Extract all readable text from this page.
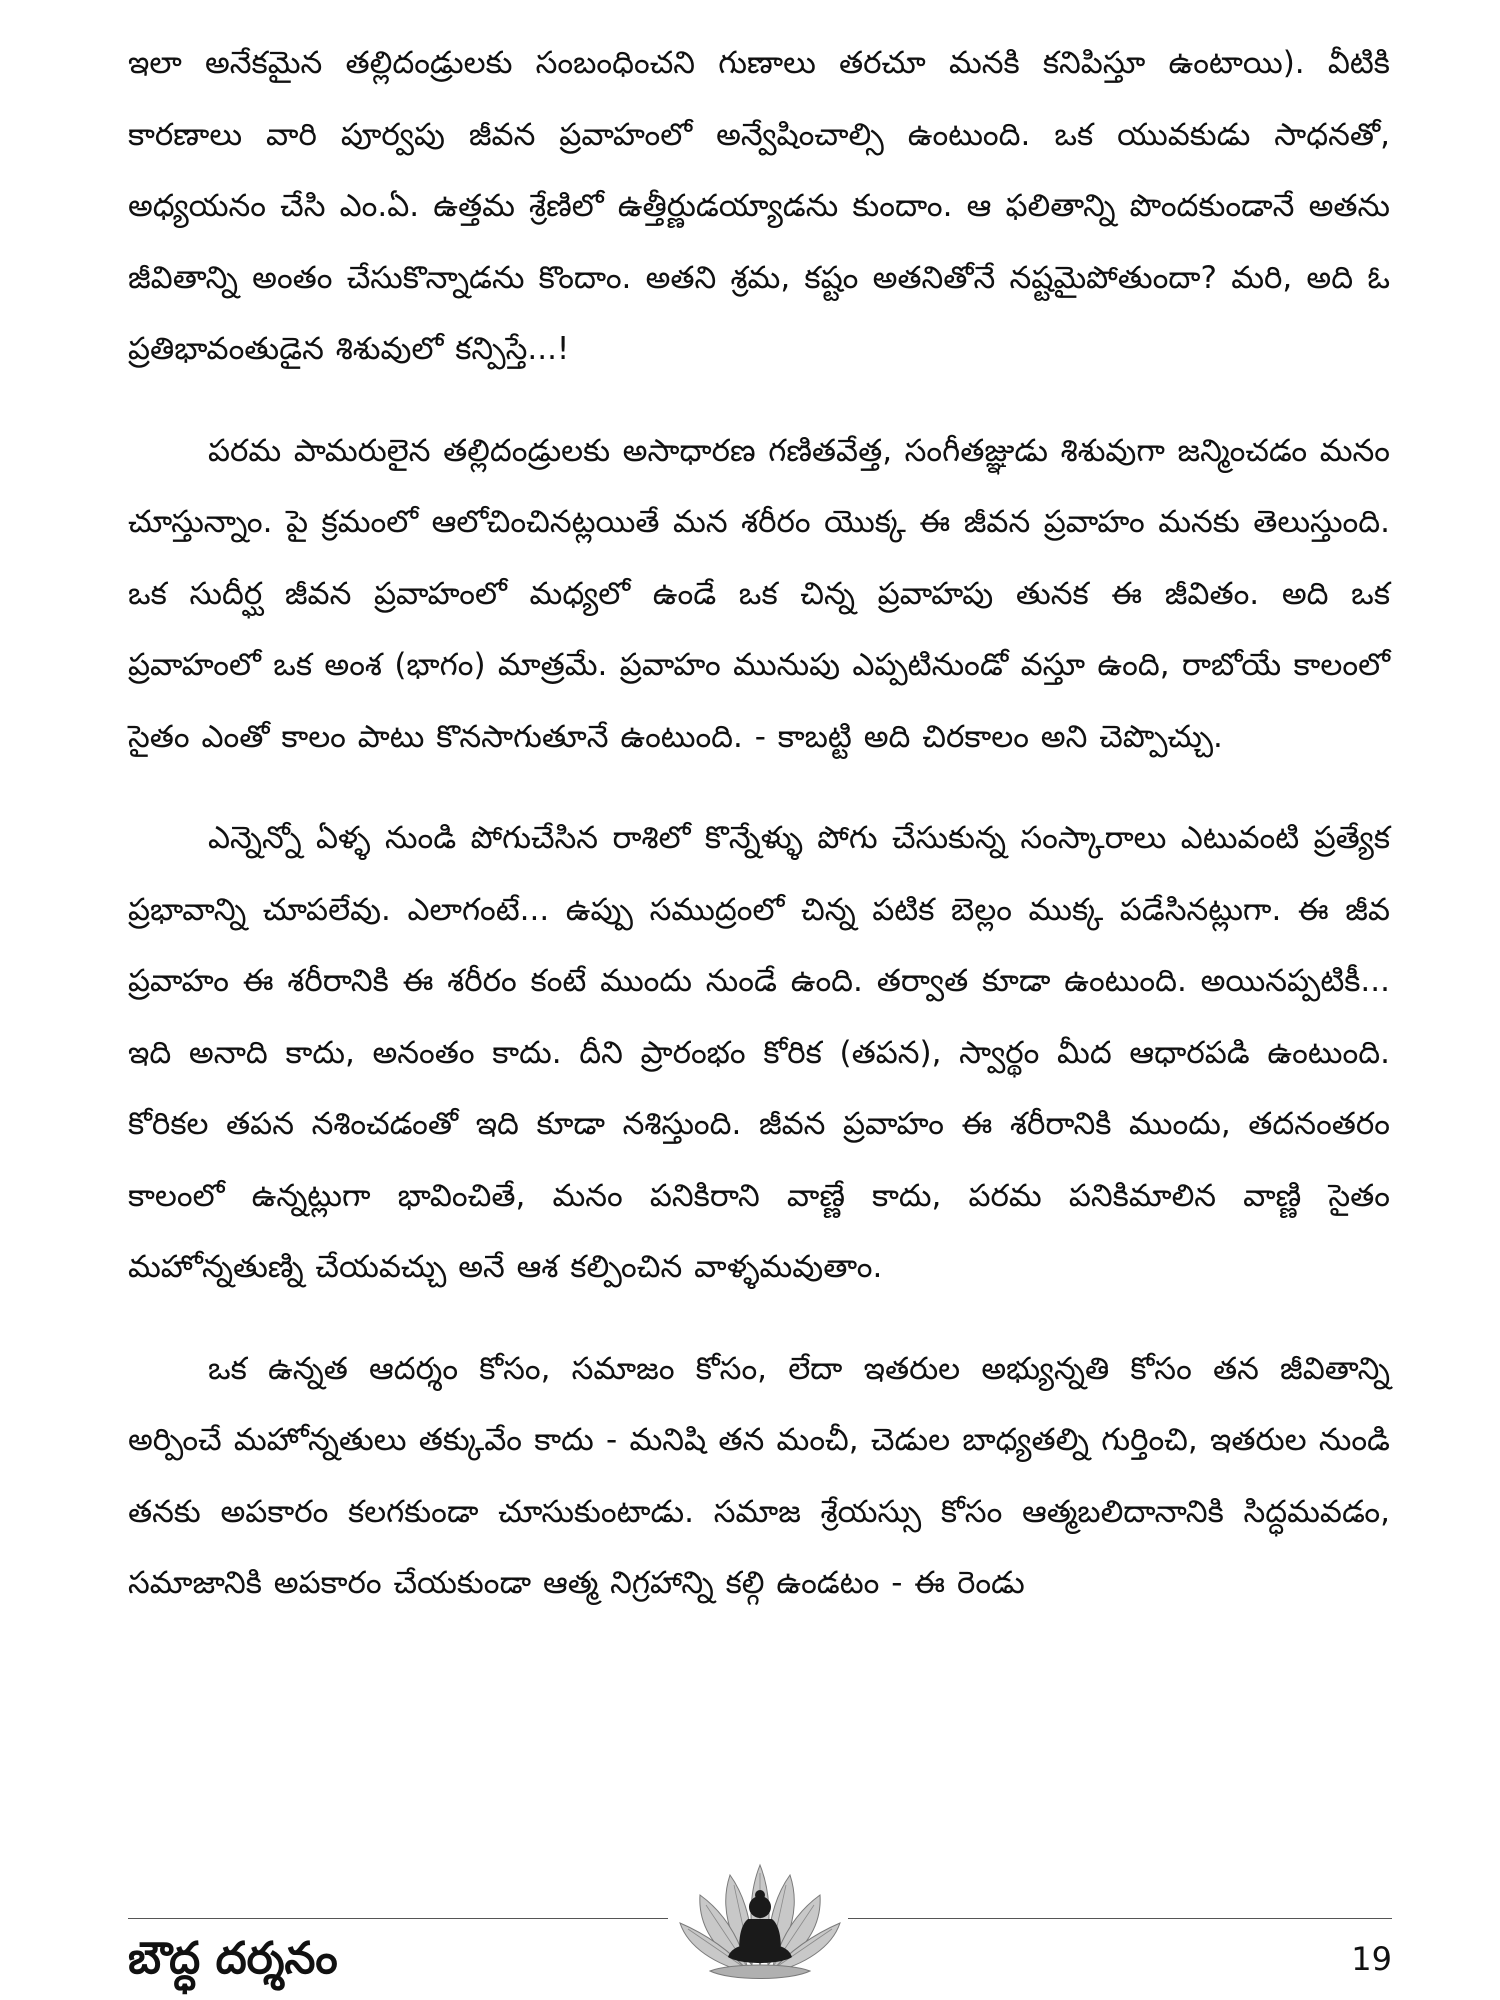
ఇలా అనేకమైన తల్లిదండ్రులకు సంబంధించని గుణాలు తరచూ మనకి కనిపిస్తూ ఉంటాయి). వీటికి కారణాలు వారి పూర్వపు జీవన ప్రవాహంలో అన్వేషించాల్సి ఉంటుంది. ఒక యువకుడు సాధనతో, అధ్యయనం చేసి ఎం.ఏ. ఉత్తమ శ్రేణిలో ఉత్తీర్ణుడయ్యాడను కుందాం. ఆ ఫలితాన్ని పొందకుండానే అతను జీవితాన్ని అంతం చేసుకొన్నాడను కొందాం. అతని శ్రమ, కష్టం అతనితోనే నష్టమైపోతుందా? మరి, అది ఓ ప్రతిభావంతుడైన శిశువులో కన్పిస్తే...!

పరమ పామరులైన తల్లిదండ్రులకు అసాధారణ గణితవేత్త, సంగీతజ్ఞుడు శిశువుగా జన్మించడం మనం చూస్తున్నాం. పై క్రమంలో ఆలోచించినట్లయితే మన శరీరం యొక్క ఈ జీవన ప్రవాహం మనకు తెలుస్తుంది. ఒక సుదీర్ఘ జీవన ప్రవాహంలో మధ్యలో ఉండే ఒక చిన్న ప్రవాహపు తునక ఈ జీవితం. అది ఒక ప్రవాహంలో ఒక అంశ (భాగం) మాత్రమే. ప్రవాహం మునుపు ఎప్పటినుండో వస్తూ ఉంది, రాబోయే కాలంలో సైతం ఎంతో కాలం పాటు కొనసాగుతూనే ఉంటుంది. - కాబట్టి అది చిరకాలం అని చెప్పొచ్చు.

ఎన్నెన్నో ఏళ్ళ నుండి పోగుచేసిన రాశిలో కొన్నేళ్ళు పోగు చేసుకున్న సంస్కారాలు ఎటువంటి ప్రత్యేక ప్రభావాన్ని చూపలేవు. ఎలాగంటే... ఉప్పు సముద్రంలో చిన్న పటిక బెల్లం ముక్క పడేసినట్లుగా. ఈ జీవ ప్రవాహం ఈ శరీరానికి ఈ శరీరం కంటే ముందు నుండే ఉంది. తర్వాత కూడా ఉంటుంది. అయినప్పటికీ... ఇది అనాది కాదు, అనంతం కాదు. దీని ప్రారంభం కోరిక (తపన), స్వార్థం మీద ఆధారపడి ఉంటుంది. కోరికల తపన నశించడంతో ఇది కూడా నశిస్తుంది. జీవన ప్రవాహం ఈ శరీరానికి ముందు, తదనంతరం కాలంలో ఉన్నట్లుగా భావించితే, మనం పనికిరాని వాణ్ణే కాదు, పరమ పనికిమాలిన వాణ్ణి సైతం మహోన్నతుణ్ని చేయవచ్చు అనే ఆశ కల్పించిన వాళ్ళమవుతాం.

ఒక ఉన్నత ఆదర్శం కోసం, సమాజం కోసం, లేదా ఇతరుల అభ్యున్నతి కోసం తన జీవితాన్ని అర్పించే మహోన్నతులు తక్కువేం కాదు - మనిషి తన మంచీ, చెడుల బాధ్యతల్ని గుర్తించి, ఇతరుల నుండి తనకు అపకారం కలగకుండా చూసుకుంటాడు. సమాజ శ్రేయస్సు కోసం ఆత్మబలిదానానికి సిద్ధమవడం, సమాజానికి అపకారం చేయకుండా ఆత్మ నిగ్రహాన్ని కల్గి ఉండటం - ఈ రెండు

బౌద్ధ దర్శనం	19
